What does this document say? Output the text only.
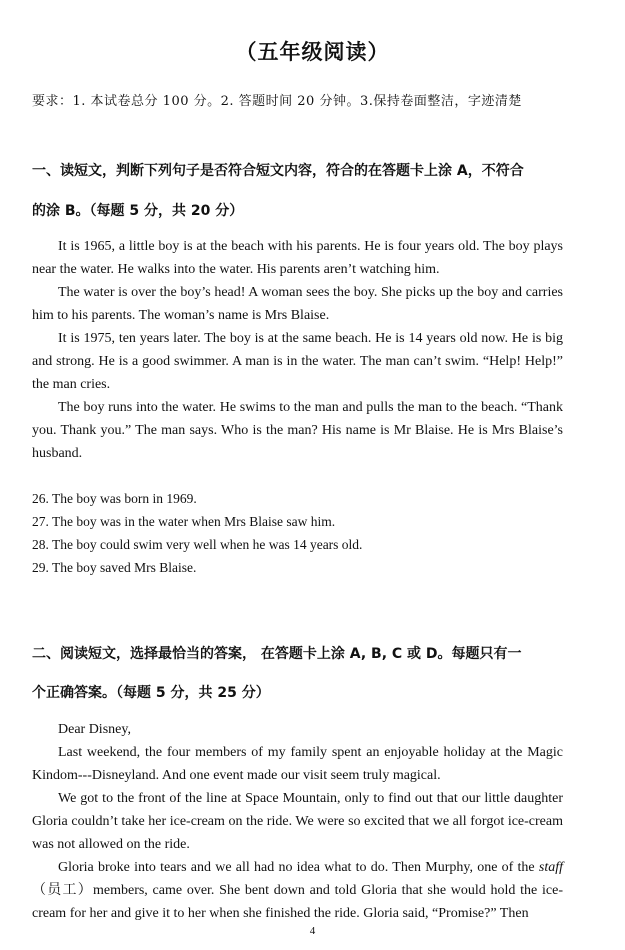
（五年级阅读）
要求：1. 本试卷总分 100 分。2. 答题时间 20 分钟。3.保持卷面整洁，字迹清楚
一、读短文，判断下列句子是否符合短文内容，符合的在答题卡上涂 A，不符合
的涂 B。（每题 5 分，共 20 分）

It is 1965, a little boy is at the beach with his parents. He is four years old. The boy plays near the water. He walks into the water. His parents aren’t watching him.

The water is over the boy’s head! A woman sees the boy. She picks up the boy and carries him to his parents. The woman’s name is Mrs Blaise.

It is 1975, ten years later. The boy is at the same beach. He is 14 years old now. He is big and strong. He is a good swimmer. A man is in the water. The man can’t swim. “Help! Help!” the man cries.

The boy runs into the water. He swims to the man and pulls the man to the beach. “Thank you. Thank you.” The man says. Who is the man? His name is Mr Blaise. He is Mrs Blaise’s husband.

26. The boy was born in 1969.
27. The boy was in the water when Mrs Blaise saw him.
28. The boy could swim very well when he was 14 years old.
29. The boy saved Mrs Blaise.
二、阅读短文，选择最恰当的答案， 在答题卡上涂 A, B, C 或 D。每题只有一
个正确答案。（每题 5 分，共 25 分）

Dear Disney,

Last weekend, the four members of my family spent an enjoyable holiday at the Magic Kindom---Disneyland. And one event made our visit seem truly magical.

We got to the front of the line at Space Mountain, only to find out that our little daughter Gloria couldn’t take her ice-cream on the ride. We were so excited that we all forgot ice-cream was not allowed on the ride.

Gloria broke into tears and we all had no idea what to do. Then Murphy, one of the staff（员工）members, came over. She bent down and told Gloria that she would hold the ice-cream for her and give it to her when she finished the ride. Gloria said, “Promise?” Then

4
